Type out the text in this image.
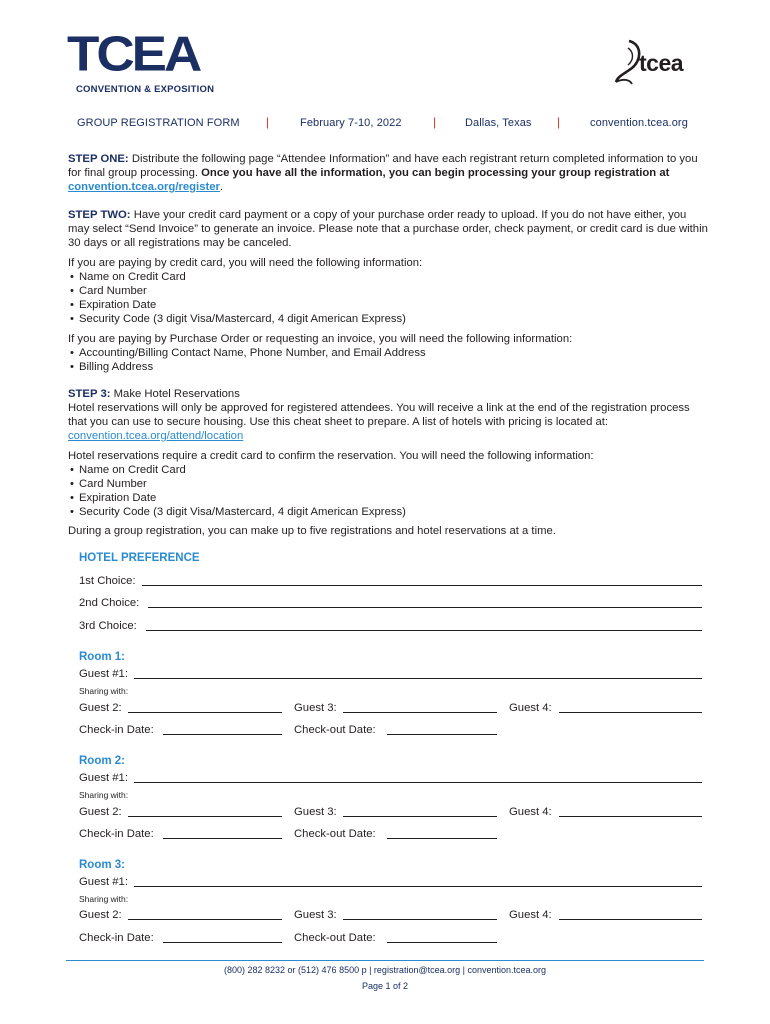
TCEA
CONVENTION & EXPOSITION
tcea
GROUP REGISTRATION FORM |	February 7-10, 2022	|	Dallas, Texas |	convention.tcea.org

STEP ONE: Distribute the following page “Attendee Information” and have each registrant return completed information to you for final group processing. Once you have all the information, you can begin processing your group registration at convention.tcea.org/register.

STEP TWO: Have your credit card payment or a copy of your purchase order ready to upload. If you do not have either, you may select “Send Invoice” to generate an invoice. Please note that a purchase order, check payment, or credit card is due within 30 days or all registrations may be canceled.

If you are paying by credit card, you will need the following information:

• Name on Credit Card
• Card Number
• Expiration Date
• Security Code (3 digit Visa/Mastercard, 4 digit American Express)

If you are paying by Purchase Order or requesting an invoice, you will need the following information:

• Accounting/Billing Contact Name, Phone Number, and Email Address
• Billing Address

STEP 3: Make Hotel Reservations

Hotel reservations will only be approved for registered attendees. You will receive a link at the end of the registration process that you can use to secure housing. Use this cheat sheet to prepare. A list of hotels with pricing is located at: convention.tcea.org/attend/location

Hotel reservations require a credit card to confirm the reservation. You will need the following information:

• Name on Credit Card
• Card Number
• Expiration Date
• Security Code (3 digit Visa/Mastercard, 4 digit American Express)
During a group registration, you can make up to five registrations and hotel reservations at a time.
HOTEL PREFERENCE
1st Choice:
2nd Choice:
3rd Choice:
Room 1:
Guest #1:
Sharing with:
Guest 2:	Guest 3:	Guest 4:
Check-in Date:	Check-out Date:
Room 2:
Guest #1:
Sharing with:
Guest 2:	Guest 3:	Guest 4:
Check-in Date:	Check-out Date:
Room 3:
Guest #1:
Sharing with:
Guest 2:	Guest 3:	Guest 4:
Check-in Date:	Check-out Date:
(800) 282 8232 or (512) 476 8500 p | registration@tcea.org | convention.tcea.org
Page 1 of 2
